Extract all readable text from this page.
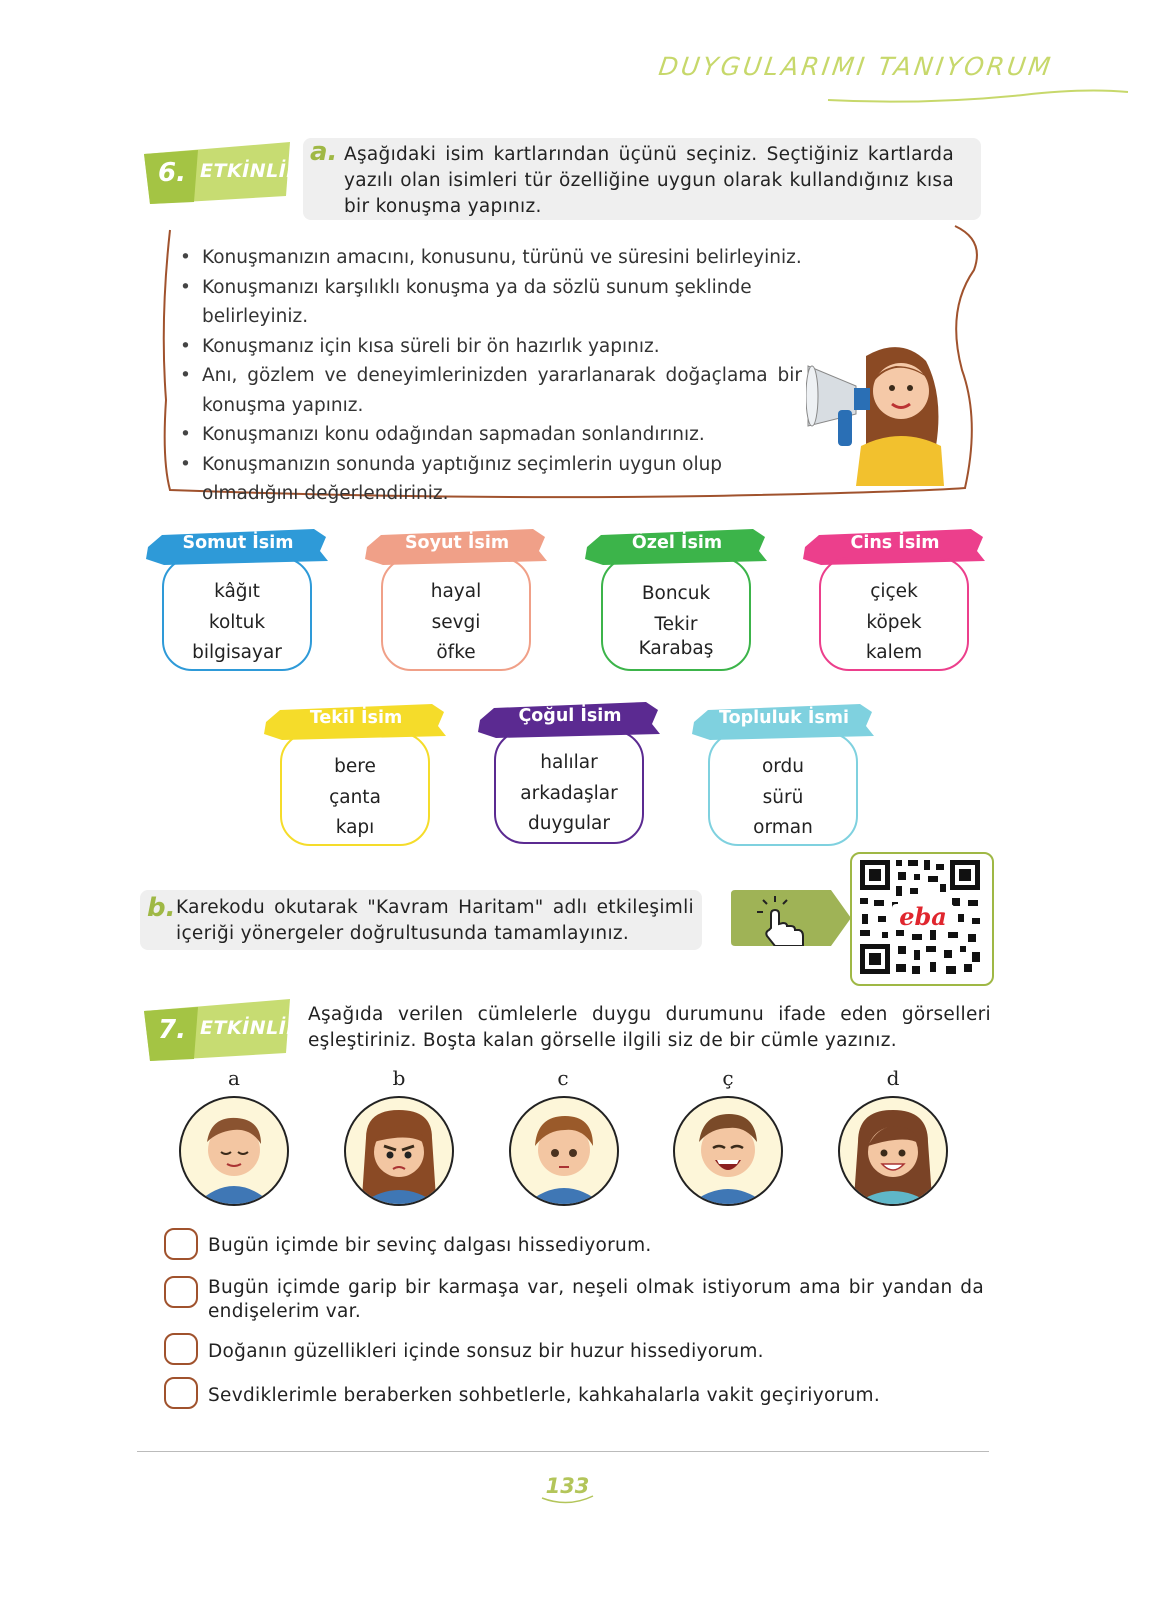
DUYGULARIMI TANIYORUM
6. ETKİNLİK
a. Aşağıdaki isim kartlarından üçünü seçiniz. Seçtiğiniz kartlarda yazılı olan isimleri tür özelliğine uygun olarak kullandığınız kısa bir konuşma yapınız.
• Konuşmanızın amacını, konusunu, türünü ve süresini belirleyiniz.
• Konuşmanızı karşılıklı konuşma ya da sözlü sunum şeklinde belirleyiniz.
• Konuşmanız için kısa süreli bir ön hazırlık yapınız.
• Anı, gözlem ve deneyimlerinizden yararlanarak doğaçlama bir konuşma yapınız.
• Konuşmanızı konu odağından sapmadan sonlandırınız.
• Konuşmanızın sonunda yaptığınız seçimlerin uygun olup olmadığını değerlendiriniz.
Somut İsim
kâğıt
koltuk
bilgisayar
Soyut İsim
hayal
sevgi
öfke
Özel İsim
Boncuk
Tekir
Karabaş
Cins İsim
çiçek
köpek
kalem
Tekil İsim
bere
çanta
kapı
Çoğul İsim
halılar
arkadaşlar
duygular
Topluluk İsmi
ordu
sürü
orman
b. Karekodu okutarak "Kavram Haritam" adlı etkileşimli içeriği yönergeler doğrultusunda tamamlayınız.
eba
7. ETKİNLİK
Aşağıda verilen cümlelerle duygu durumunu ifade eden görselleri eşleştiriniz. Boşta kalan görselle ilgili siz de bir cümle yazınız.
a	b	c	ç	d
Bugün içimde bir sevinç dalgası hissediyorum.
Bugün içimde garip bir karmaşa var, neşeli olmak istiyorum ama bir yandan da endişelerim var.
Doğanın güzellikleri içinde sonsuz bir huzur hissediyorum.
Sevdiklerimle beraberken sohbetlerle, kahkahalarla vakit geçiriyorum.
133
